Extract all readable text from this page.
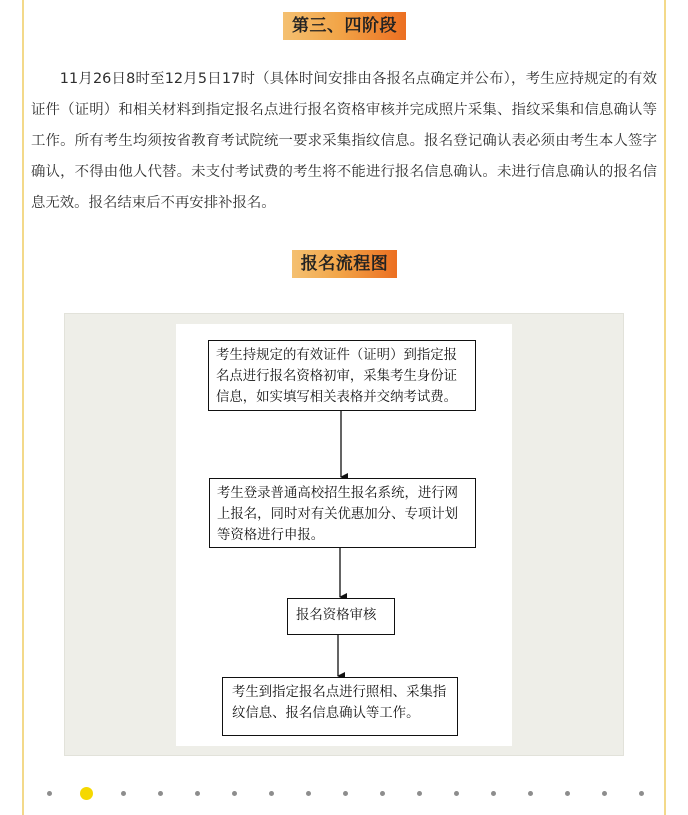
第三、四阶段

11月26日8时至12月5日17时（具体时间安排由各报名点确定并公布），考生应持规定的有效证件（证明）和相关材料到指定报名点进行报名资格审核并完成照片采集、指纹采集和信息确认等工作。所有考生均须按省教育考试院统一要求采集指纹信息。报名登记确认表必须由考生本人签字确认，不得由他人代替。未支付考试费的考生将不能进行报名信息确认。未进行信息确认的报名信息无效。报名结束后不再安排补报名。

报名流程图
考生持规定的有效证件（证明）到指定报名点进行报名资格初审，采集考生身份证信息，如实填写相关表格并交纳考试费。
考生登录普通高校招生报名系统，进行网上报名，同时对有关优惠加分、专项计划等资格进行申报。
报名资格审核
考生到指定报名点进行照相、采集指纹信息、报名信息确认等工作。
